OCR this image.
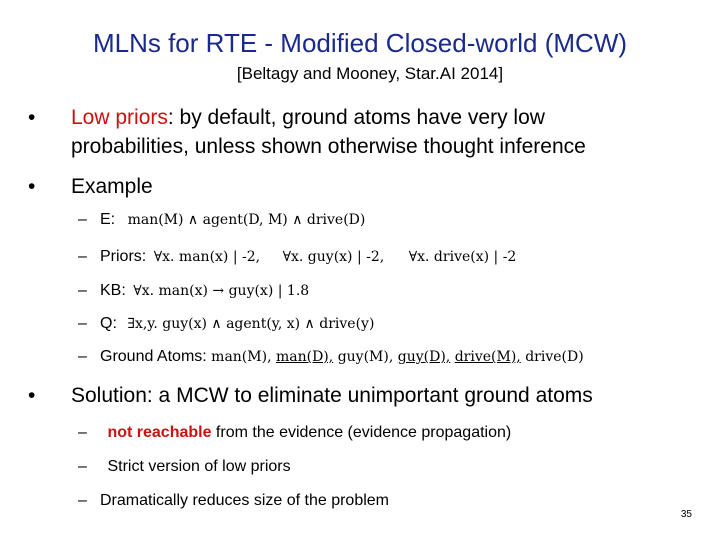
MLNs for RTE - Modified Closed-world (MCW)
[Beltagy and Mooney, Star.AI 2014]
• Low priors: by default, ground atoms have very low
probabilities, unless shown otherwise thought inference
• Example
– E: man(M) ∧ agent(D, M) ∧ drive(D)
– Priors: ∀x. man(x) | -2, ∀x. guy(x) | -2, ∀x. drive(x) | -2
– KB: ∀x. man(x) → guy(x) | 1.8
– Q: ∃x,y. guy(x) ∧ agent(y, x) ∧ drive(y)
– Ground Atoms: man(M), man(D), guy(M), guy(D), drive(M), drive(D)
• Solution: a MCW to eliminate unimportant ground atoms
– not reachable from the evidence (evidence propagation)
– Strict version of low priors
– Dramatically reduces size of the problem
35
